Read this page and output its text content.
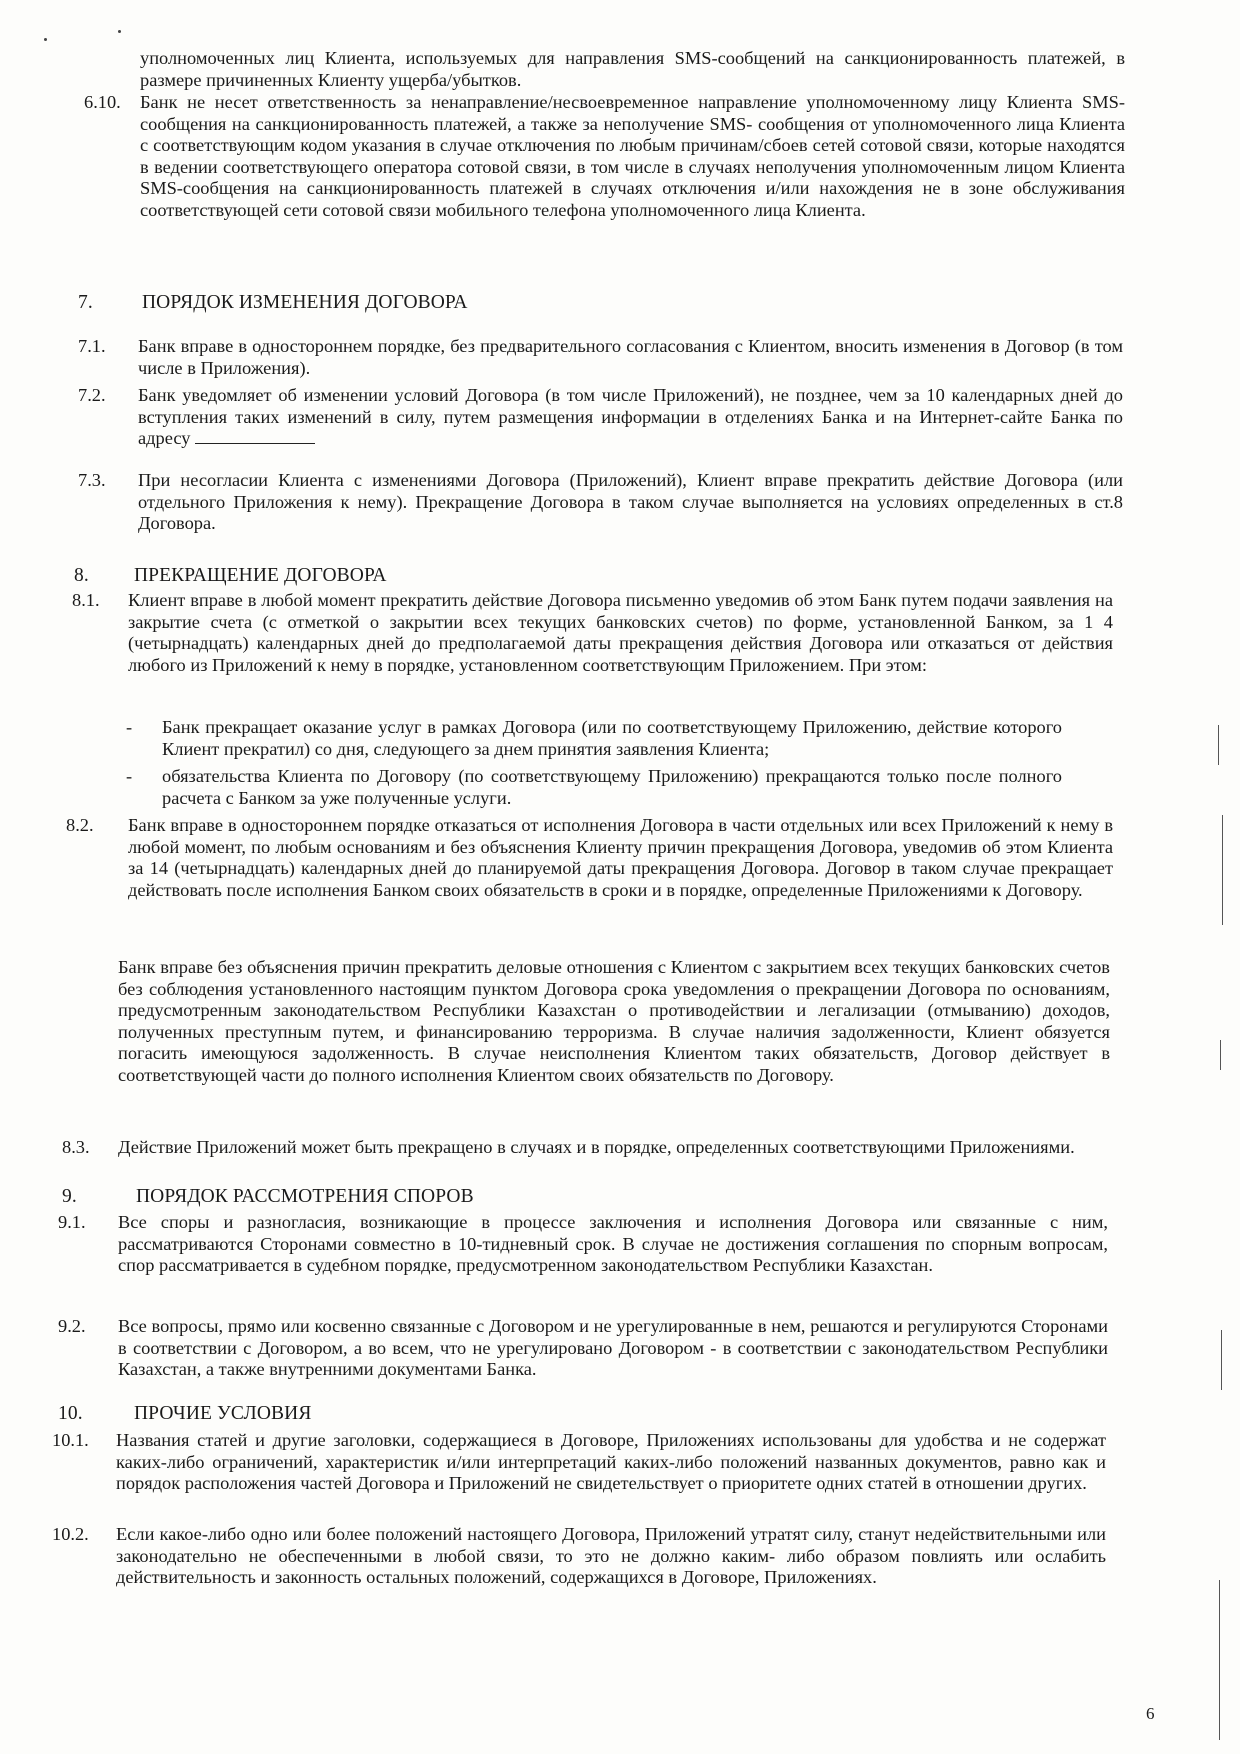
уполномоченных лиц Клиента, используемых для направления SMS-сообщений на санкционированность платежей, в размере причиненных Клиенту ущерба/убытков.
6.10. Банк не несет ответственность за ненаправление/несвоевременное направление уполномоченному лицу Клиента SMS-сообщения на санкционированность платежей, а также за неполучение SMS- сообщения от уполномоченного лица Клиента с соответствующим кодом указания в случае отключения по любым причинам/сбоев сетей сотовой связи, которые находятся в ведении соответствующего оператора сотовой связи, в том числе в случаях неполучения уполномоченным лицом Клиента SMS-сообщения на санкционированность платежей в случаях отключения и/или нахождения не в зоне обслуживания соответствующей сети сотовой связи мобильного телефона уполномоченного лица Клиента.
7.	ПОРЯДОК ИЗМЕНЕНИЯ ДОГОВОРА
7.1. Банк вправе в одностороннем порядке, без предварительного согласования с Клиентом, вносить изменения в Договор (в том числе в Приложения).
7.2. Банк уведомляет об изменении условий Договора (в том числе Приложений), не позднее, чем за 10 календарных дней до вступления таких изменений в силу, путем размещения информации в отделениях Банка и на Интернет-сайте Банка по адресу
7.3. При несогласии Клиента с изменениями Договора (Приложений), Клиент вправе прекратить действие Договора (или отдельного Приложения к нему). Прекращение Договора в таком случае выполняется на условиях определенных в ст.8 Договора.
8. ПРЕКРАЩЕНИЕ ДОГОВОРА
8.1. Клиент вправе в любой момент прекратить действие Договора письменно уведомив об этом Банк путем подачи заявления на закрытие счета (с отметкой о закрытии всех текущих банковских счетов) по форме, установленной Банком, за 1 4 (четырнадцать) календарных дней до предполагаемой даты прекращения действия Договора или отказаться от действия любого из Приложений к нему в порядке, установленном соответствующим Приложением. При этом:
- Банк прекращает оказание услуг в рамках Договора (или по соответствующему Приложению, действие которого Клиент прекратил) со дня, следующего за днем принятия заявления Клиента;
- обязательства Клиента по Договору (по соответствующему Приложению) прекращаются только после полного расчета с Банком за уже полученные услуги.
8.2. Банк вправе в одностороннем порядке отказаться от исполнения Договора в части отдельных или всех Приложений к нему в любой момент, по любым основаниям и без объяснения Клиенту причин прекращения Договора, уведомив об этом Клиента за 14 (четырнадцать) календарных дней до планируемой даты прекращения Договора. Договор в таком случае прекращает действовать после исполнения Банком своих обязательств в сроки и в порядке, определенные Приложениями к Договору.
Банк вправе без объяснения причин прекратить деловые отношения с Клиентом с закрытием всех текущих банковских счетов без соблюдения установленного настоящим пунктом Договора срока уведомления о прекращении Договора по основаниям, предусмотренным законодательством Республики Казахстан о противодействии и легализации (отмыванию) доходов, полученных преступным путем, и финансированию терроризма. В случае наличия задолженности, Клиент обязуется погасить имеющуюся задолженность. В случае неисполнения Клиентом таких обязательств, Договор действует в соответствующей части до полного исполнения Клиентом своих обязательств по Договору.
8.3. Действие Приложений может быть прекращено в случаях и в порядке, определенных соответствующими Приложениями.
9.	ПОРЯДОК РАССМОТРЕНИЯ СПОРОВ
9.1. Все споры и разногласия, возникающие в процессе заключения и исполнения Договора или связанные с ним, рассматриваются Сторонами совместно в 10-тидневный срок. В случае не достижения соглашения по спорным вопросам, спор рассматривается в судебном порядке, предусмотренном законодательством Республики Казахстан.
9.2. Все вопросы, прямо или косвенно связанные с Договором и не урегулированные в нем, решаются и регулируются Сторонами в соответствии с Договором, а во всем, что не урегулировано Договором - в соответствии с законодательством Республики Казахстан, а также внутренними документами Банка.
10.	ПРОЧИЕ УСЛОВИЯ
10.1. Названия статей и другие заголовки, содержащиеся в Договоре, Приложениях использованы для удобства и не содержат каких-либо ограничений, характеристик и/или интерпретаций каких-либо положений названных документов, равно как и порядок расположения частей Договора и Приложений не свидетельствует о приоритете одних статей в отношении других.
10.2. Если какое-либо одно или более положений настоящего Договора, Приложений утратят силу, станут недействительными или законодательно не обеспеченными в любой связи, то это не должно каким- либо образом повлиять или ослабить действительность и законность остальных положений, содержащихся в Договоре, Приложениях.
6
